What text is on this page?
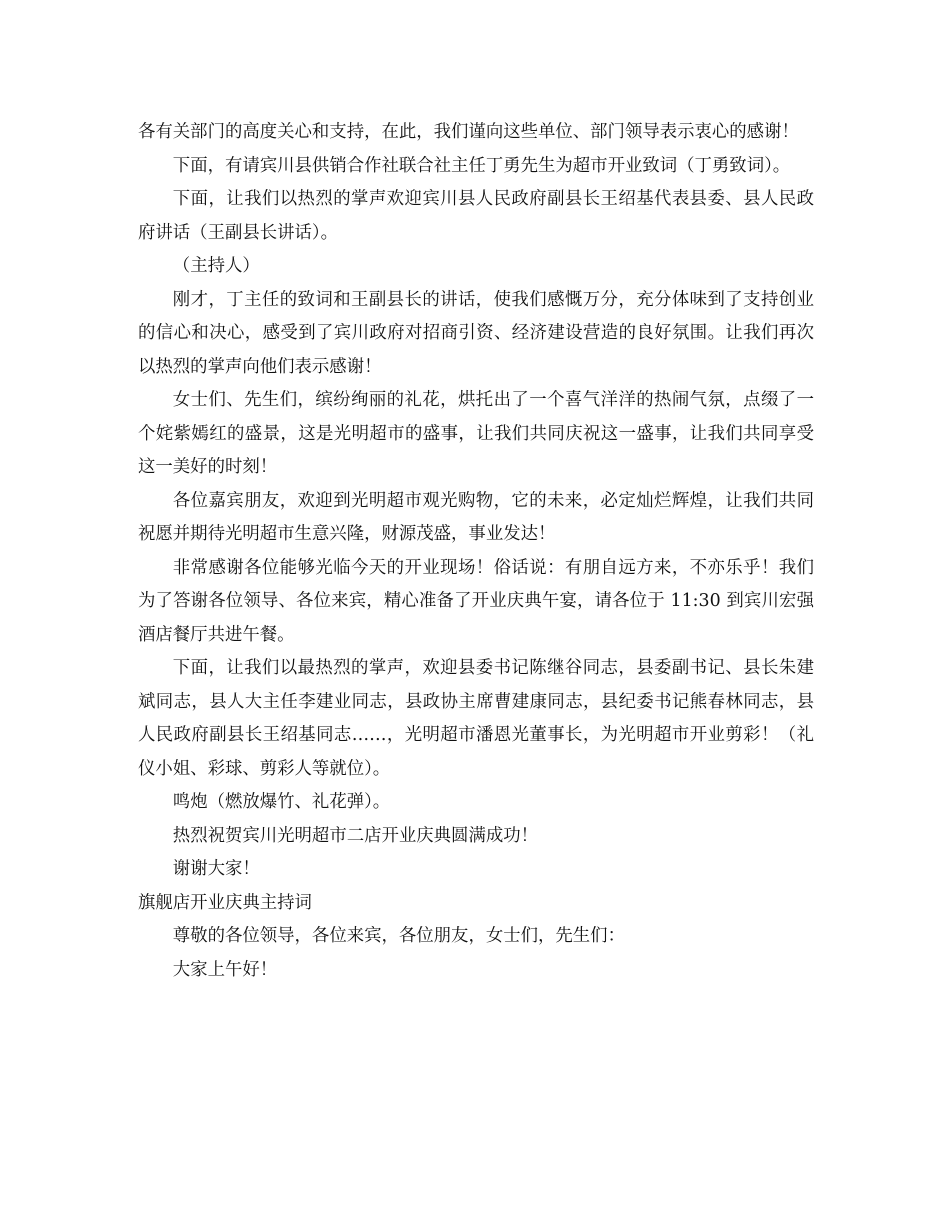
各有关部门的高度关心和支持，在此，我们谨向这些单位、部门领导表示衷心的感谢！

下面，有请宾川县供销合作社联合社主任丁勇先生为超市开业致词（丁勇致词）。

下面，让我们以热烈的掌声欢迎宾川县人民政府副县长王绍基代表县委、县人民政府讲话（王副县长讲话）。

（主持人）

刚才，丁主任的致词和王副县长的讲话，使我们感慨万分，充分体味到了支持创业的信心和决心，感受到了宾川政府对招商引资、经济建设营造的良好氛围。让我们再次以热烈的掌声向他们表示感谢！

女士们、先生们，缤纷绚丽的礼花，烘托出了一个喜气洋洋的热闹气氛，点缀了一个姹紫嫣红的盛景，这是光明超市的盛事，让我们共同庆祝这一盛事，让我们共同享受这一美好的时刻！

各位嘉宾朋友，欢迎到光明超市观光购物，它的未来，必定灿烂辉煌，让我们共同祝愿并期待光明超市生意兴隆，财源茂盛，事业发达！

非常感谢各位能够光临今天的开业现场！俗话说：有朋自远方来，不亦乐乎！我们为了答谢各位领导、各位来宾，精心准备了开业庆典午宴，请各位于 11:30 到宾川宏强酒店餐厅共进午餐。

下面，让我们以最热烈的掌声，欢迎县委书记陈继谷同志，县委副书记、县长朱建斌同志，县人大主任李建业同志，县政协主席曹建康同志，县纪委书记熊春林同志，县人民政府副县长王绍基同志……，光明超市潘恩光董事长，为光明超市开业剪彩！（礼仪小姐、彩球、剪彩人等就位）。

鸣炮（燃放爆竹、礼花弹）。

热烈祝贺宾川光明超市二店开业庆典圆满成功！

谢谢大家！

旗舰店开业庆典主持词

尊敬的各位领导，各位来宾，各位朋友，女士们，先生们：

大家上午好！
